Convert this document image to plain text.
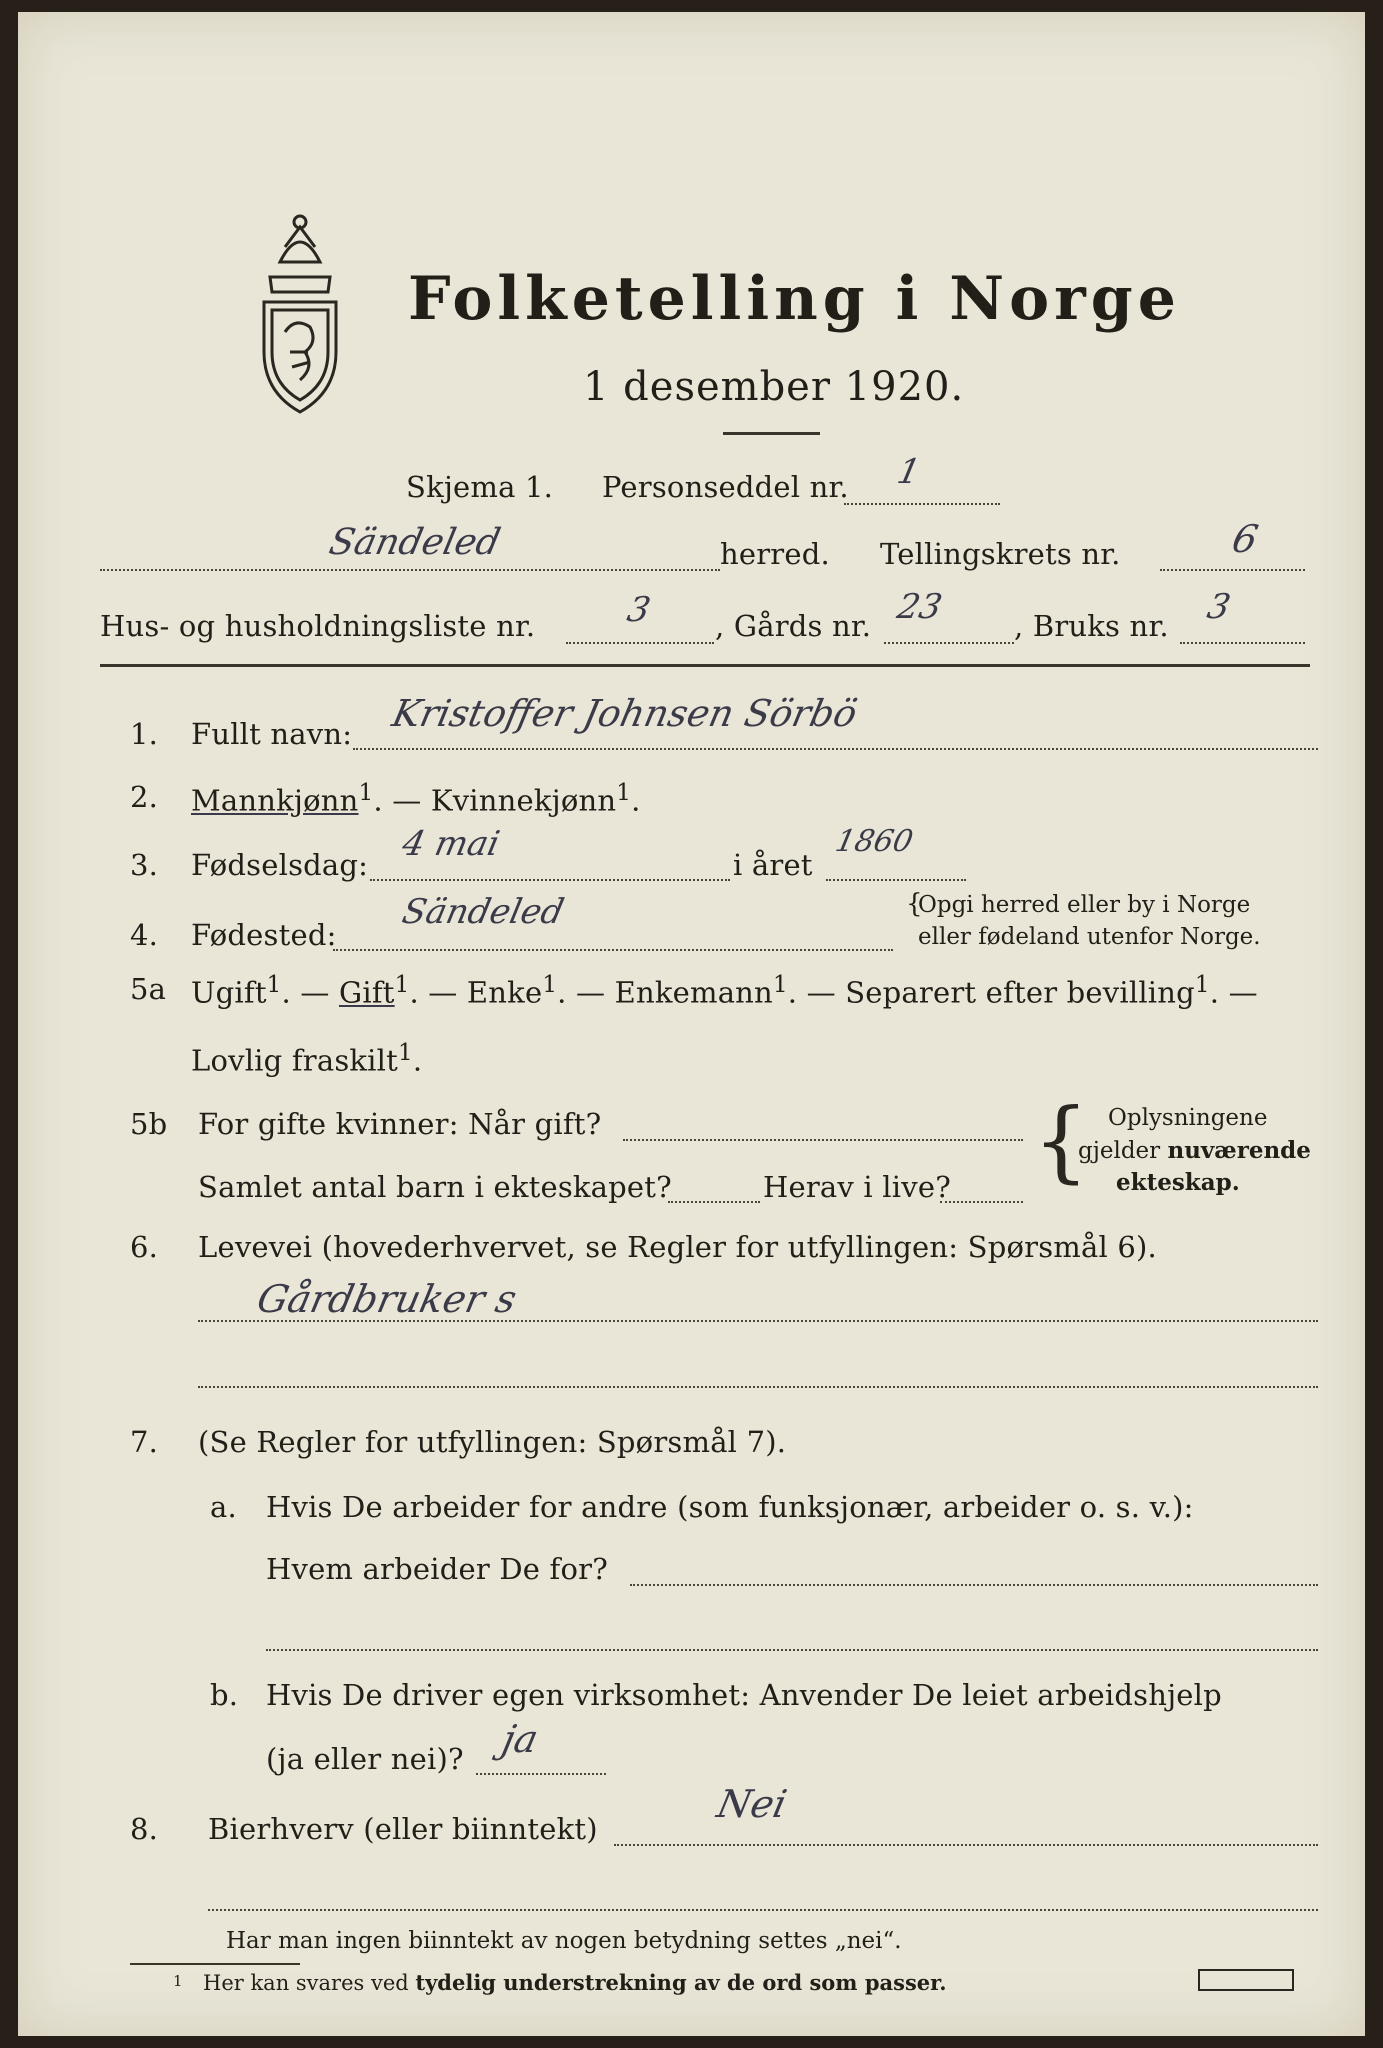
Folketelling i Norge
1 desember 1920.
Skjema 1. Personseddel nr. 1
Sändeled	herred. Tellingskrets nr.	6
Hus- og husholdningsliste nr.	3 , Gårds nr. 23 , Bruks nr. 3
1. Fullt navn: Kristoffer Johnsen Sörbö
2. Mannkjønn$^1$. — Kvinnekjønn$^1$.
3. Fødselsdag:
4 mai
i året
1860
4. Fødested:
Sändeled	{
Opgi herred eller by i Norge
eller fødeland utenfor Norge.
5a Ugift$^1$. — Gift$^1$. — Enke$^1$. — Enkemann$^1$. — Separert efter bevilling$^1$. —
Lovlig fraskilt$^1$.
5b For gifte kvinner: Når gift?
Samlet antal barn i ekteskapet?	Herav i live? { Oplysningene
gjelder nuværende
ekteskap.
6. Levevei (hovederhvervet, se Regler for utfyllingen: Spørsmål 6).
Gårdbruker s
7. (Se Regler for utfyllingen: Spørsmål 7).
a. Hvis De arbeider for andre (som funksjonær, arbeider o. s. v.):
Hvem arbeider De for?
b. Hvis De driver egen virksomhet: Anvender De leiet arbeidshjelp
(ja eller nei)? ja
8. Bierhverv (eller biinntekt)
Nei
Har man ingen biinntekt av nogen betydning settes „nei“.
1 Her kan svares ved tydelig understrekning av de ord som passer.
